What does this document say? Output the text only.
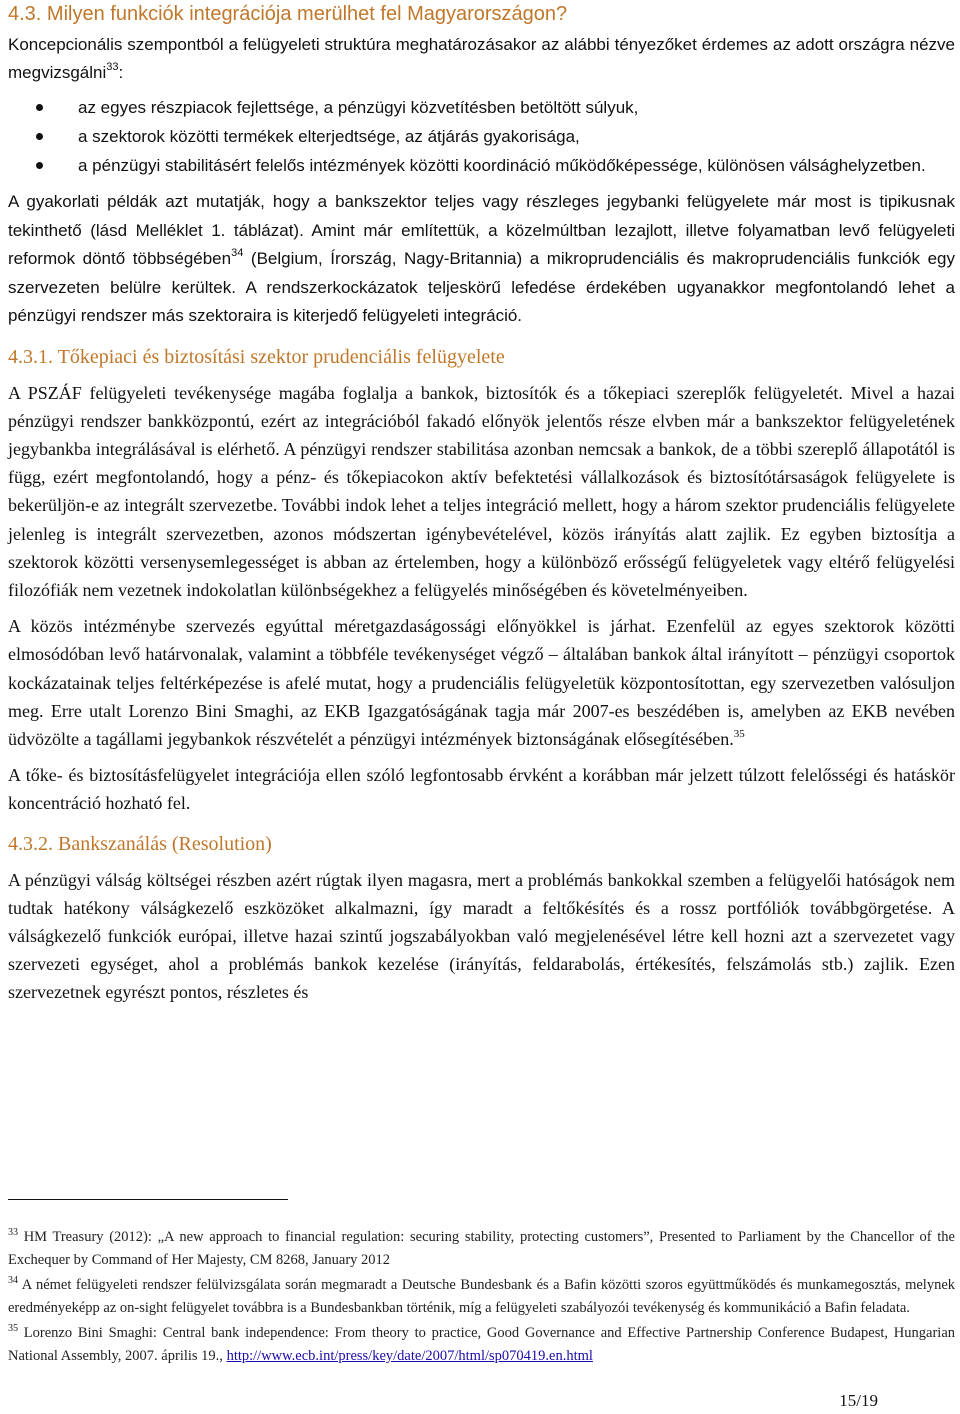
4.3. Milyen funkciók integrációja merülhet fel Magyarországon?

Koncepcionális szempontból a felügyeleti struktúra meghatározásakor az alábbi tényezőket érdemes az adott országra nézve megvizsgálni$^{33}$:

az egyes részpiacok fejlettsége, a pénzügyi közvetítésben betöltött súlyuk,
a szektorok közötti termékek elterjedtsége, az átjárás gyakorisága,
a pénzügyi stabilitásért felelős intézmények közötti koordináció működőképessége, különösen válsághelyzetben.

A gyakorlati példák azt mutatják, hogy a bankszektor teljes vagy részleges jegybanki felügyelete már most is tipikusnak tekinthető (lásd Melléklet 1. táblázat). Amint már említettük, a közelmúltban lezajlott, illetve folyamatban levő felügyeleti reformok döntő többségében$^{34}$ (Belgium, Írország, Nagy-Britannia) a mikroprudenciális és makroprudenciális funkciók egy szervezeten belülre kerültek. A rendszerkockázatok teljeskörű lefedése érdekében ugyanakkor megfontolandó lehet a pénzügyi rendszer más szektoraira is kiterjedő felügyeleti integráció.

4.3.1. Tőkepiaci és biztosítási szektor prudenciális felügyelete

A PSZÁF felügyeleti tevékenysége magába foglalja a bankok, biztosítók és a tőkepiaci szereplők felügyeletét. Mivel a hazai pénzügyi rendszer bankközpontú, ezért az integrációból fakadó előnyök jelentős része elvben már a bankszektor felügyeletének jegybankba integrálásával is elérhető. A pénzügyi rendszer stabilitása azonban nemcsak a bankok, de a többi szereplő állapotától is függ, ezért megfontolandó, hogy a pénz- és tőkepiacokon aktív befektetési vállalkozások és biztosítótársaságok felügyelete is bekerüljön-e az integrált szervezetbe. További indok lehet a teljes integráció mellett, hogy a három szektor prudenciális felügyelete jelenleg is integrált szervezetben, azonos módszertan igénybevételével, közös irányítás alatt zajlik. Ez egyben biztosítja a szektorok közötti versenysemlegességet is abban az értelemben, hogy a különböző erősségű felügyeletek vagy eltérő felügyelési filozófiák nem vezetnek indokolatlan különbségekhez a felügyelés minőségében és követelményeiben.

A közös intézménybe szervezés egyúttal méretgazdaságossági előnyökkel is járhat. Ezenfelül az egyes szektorok közötti elmosódóban levő határvonalak, valamint a többféle tevékenységet végző – általában bankok által irányított – pénzügyi csoportok kockázatainak teljes feltérképezése is afelé mutat, hogy a prudenciális felügyeletük központosítottan, egy szervezetben valósuljon meg. Erre utalt Lorenzo Bini Smaghi, az EKB Igazgatóságának tagja már 2007-es beszédében is, amelyben az EKB nevében üdvözölte a tagállami jegybankok részvételét a pénzügyi intézmények biztonságának elősegítésében.$^{35}$

A tőke- és biztosításfelügyelet integrációja ellen szóló legfontosabb érvként a korábban már jelzett túlzott felelősségi és hatáskör koncentráció hozható fel.

4.3.2. Bankszanálás (Resolution)

A pénzügyi válság költségei részben azért rúgtak ilyen magasra, mert a problémás bankokkal szemben a felügyelői hatóságok nem tudtak hatékony válságkezelő eszközöket alkalmazni, így maradt a feltőkésítés és a rossz portfóliók továbbgörgetése. A válságkezelő funkciók európai, illetve hazai szintű jogszabályokban való megjelenésével létre kell hozni azt a szervezetet vagy szervezeti egységet, ahol a problémás bankok kezelése (irányítás, feldarabolás, értékesítés, felszámolás stb.) zajlik. Ezen szervezetnek egyrészt pontos, részletes és

$^{33}$ HM Treasury (2012): „A new approach to financial regulation: securing stability, protecting customers”, Presented to Parliament by the Chancellor of the Exchequer by Command of Her Majesty, CM 8268, January 2012

$^{34}$ A német felügyeleti rendszer felülvizsgálata során megmaradt a Deutsche Bundesbank és a Bafin közötti szoros együttműködés és munkamegosztás, melynek eredményeképp az on-sight felügyelet továbbra is a Bundesbankban történik, míg a felügyeleti szabályozói tevékenység és kommunikáció a Bafin feladata.

$^{35}$ Lorenzo Bini Smaghi: Central bank independence: From theory to practice, Good Governance and Effective Partnership Conference Budapest, Hungarian National Assembly, 2007. április 19., http://www.ecb.int/press/key/date/2007/html/sp070419.en.html

15/19
